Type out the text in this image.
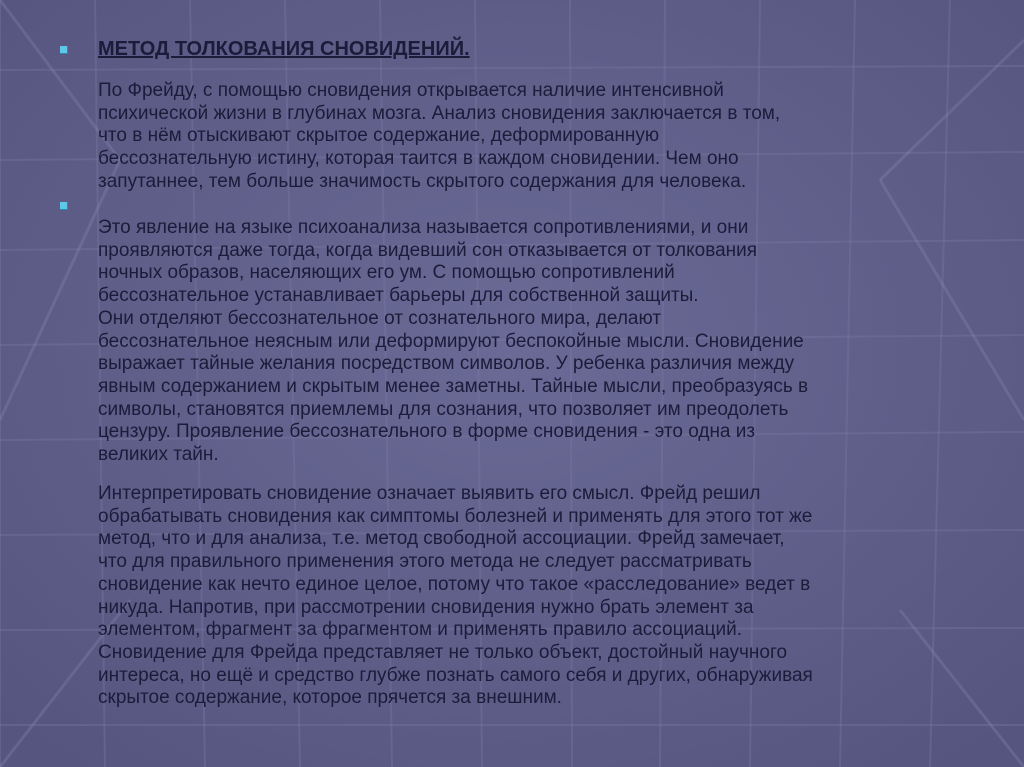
МЕТОД ТОЛКОВАНИЯ СНОВИДЕНИЙ.

По Фрейду, с помощью сновидения открывается наличие интенсивной
психической жизни в глубинах мозга. Анализ сновидения заключается в том,
что в нём отыскивают скрытое содержание, деформированную
бессознательную истину, которая таится в каждом сновидении. Чем оно
запутаннее, тем больше значимость скрытого содержания для человека.

Это явление на языке психоанализа называется сопротивлениями, и они
проявляются даже тогда, когда видевший сон отказывается от толкования
ночных образов, населяющих его ум. С помощью сопротивлений
бессознательное устанавливает барьеры для собственной защиты.
Они отделяют бессознательное от сознательного мира, делают
бессознательное неясным или деформируют беспокойные мысли. Сновидение
выражает тайные желания посредством символов. У ребенка различия между
явным содержанием и скрытым менее заметны. Тайные мысли, преобразуясь в
символы, становятся приемлемы для сознания, что позволяет им преодолеть
цензуру. Проявление бессознательного в форме сновидения - это одна из
великих тайн.

Интерпретировать сновидение означает выявить его смысл. Фрейд решил
обрабатывать сновидения как симптомы болезней и применять для этого тот же
метод, что и для анализа, т.е. метод свободной ассоциации. Фрейд замечает,
что для правильного применения этого метода не следует рассматривать
сновидение как нечто единое целое, потому что такое «расследование» ведет в
никуда. Напротив, при рассмотрении сновидения нужно брать элемент за
элементом, фрагмент за фрагментом и применять правило ассоциаций.
Сновидение для Фрейда представляет не только объект, достойный научного
интереса, но ещё и средство глубже познать самого себя и других, обнаруживая
скрытое содержание, которое прячется за внешним.
